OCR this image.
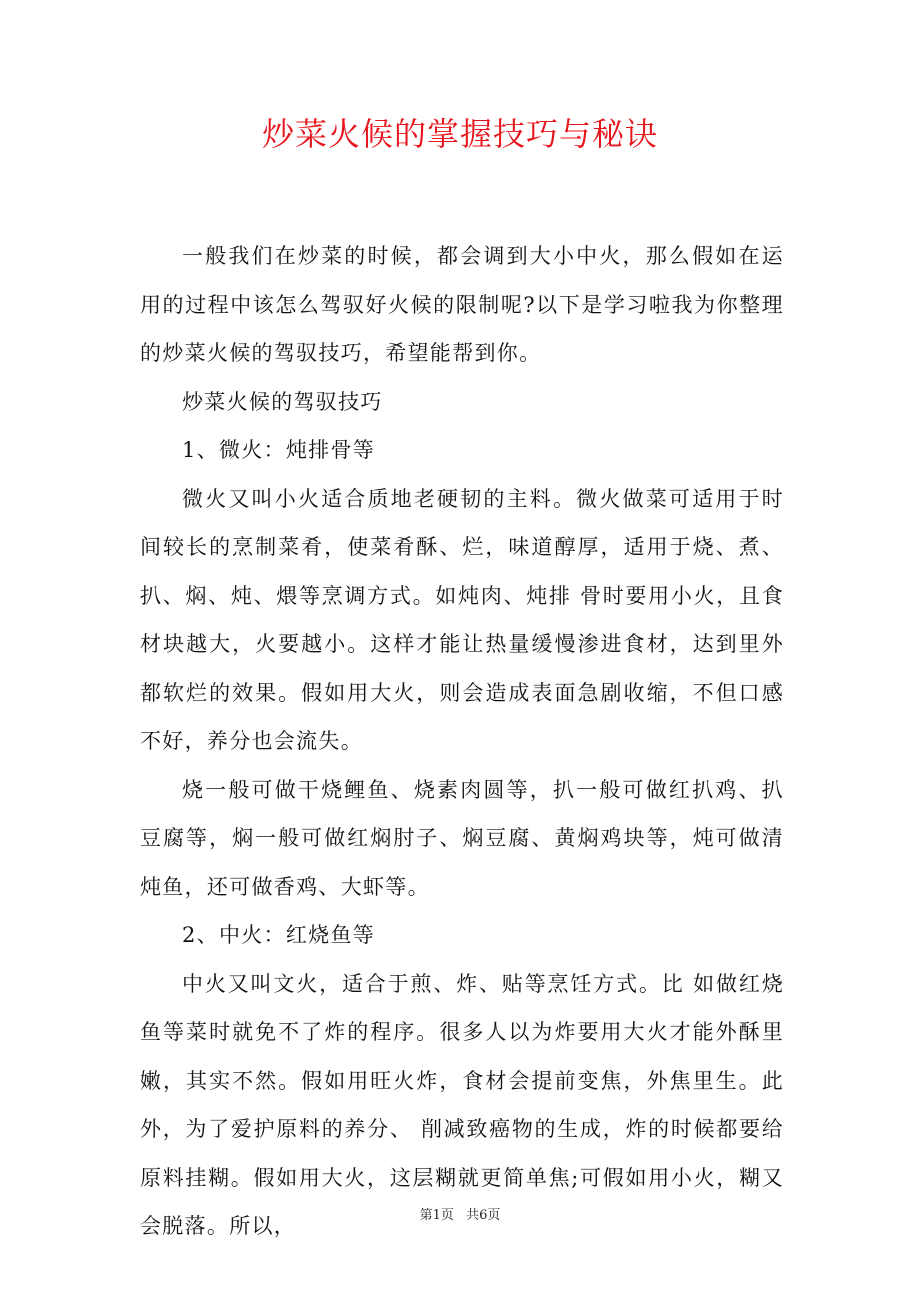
炒菜火候的掌握技巧与秘诀

一般我们在炒菜的时候，都会调到大小中火，那么假如在运用的过程中该怎么驾驭好火候的限制呢?以下是学习啦我为你整理的炒菜火候的驾驭技巧，希望能帮到你。

炒菜火候的驾驭技巧

1、微火：炖排骨等

微火又叫小火适合质地老硬韧的主料。微火做菜可适用于时间较长的烹制菜肴，使菜肴酥、烂，味道醇厚，适用于烧、煮、扒、焖、炖、煨等烹调方式。如炖肉、炖排 骨时要用小火，且食材块越大，火要越小。这样才能让热量缓慢渗进食材，达到里外都软烂的效果。假如用大火，则会造成表面急剧收缩，不但口感不好，养分也会流失。

烧一般可做干烧鲤鱼、烧素肉圆等，扒一般可做红扒鸡、扒豆腐等，焖一般可做红焖肘子、焖豆腐、黄焖鸡块等，炖可做清炖鱼，还可做香鸡、大虾等。

2、中火：红烧鱼等

中火又叫文火，适合于煎、炸、贴等烹饪方式。比 如做红烧鱼等菜时就免不了炸的程序。很多人以为炸要用大火才能外酥里嫩，其实不然。假如用旺火炸，食材会提前变焦，外焦里生。此外，为了爱护原料的养分、 削减致癌物的生成，炸的时候都要给原料挂糊。假如用大火，这层糊就更简单焦;可假如用小火，糊又会脱落。所以，	第1页 共6页
